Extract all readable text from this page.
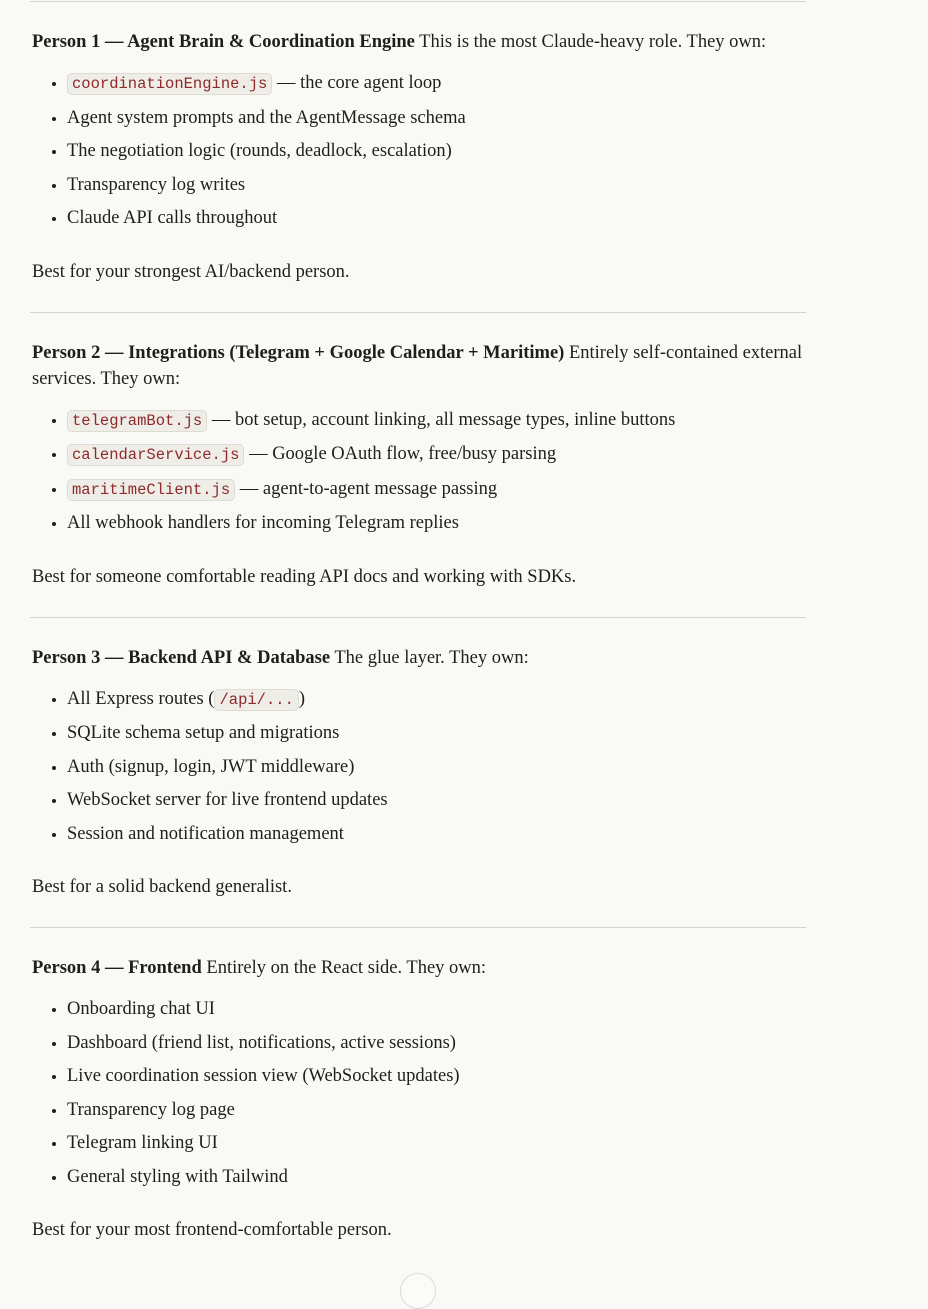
Person 1 — Agent Brain & Coordination Engine This is the most Claude-heavy role. They own:

• coordinationEngine.js — the core agent loop
• Agent system prompts and the AgentMessage schema
• The negotiation logic (rounds, deadlock, escalation)
• Transparency log writes
• Claude API calls throughout

Best for your strongest AI/backend person.

Person 2 — Integrations (Telegram + Google Calendar + Maritime) Entirely self-contained external services. They own:

• telegramBot.js — bot setup, account linking, all message types, inline buttons
• calendarService.js — Google OAuth flow, free/busy parsing
• maritimeClient.js — agent-to-agent message passing
• All webhook handlers for incoming Telegram replies

Best for someone comfortable reading API docs and working with SDKs.

Person 3 — Backend API & Database The glue layer. They own:

• All Express routes ( /api/... )
• SQLite schema setup and migrations
• Auth (signup, login, JWT middleware)
• WebSocket server for live frontend updates
• Session and notification management

Best for a solid backend generalist.

Person 4 — Frontend Entirely on the React side. They own:

• Onboarding chat UI
• Dashboard (friend list, notifications, active sessions)
• Live coordination session view (WebSocket updates)
• Transparency log page
• Telegram linking UI
• General styling with Tailwind

Best for your most frontend-comfortable person.
